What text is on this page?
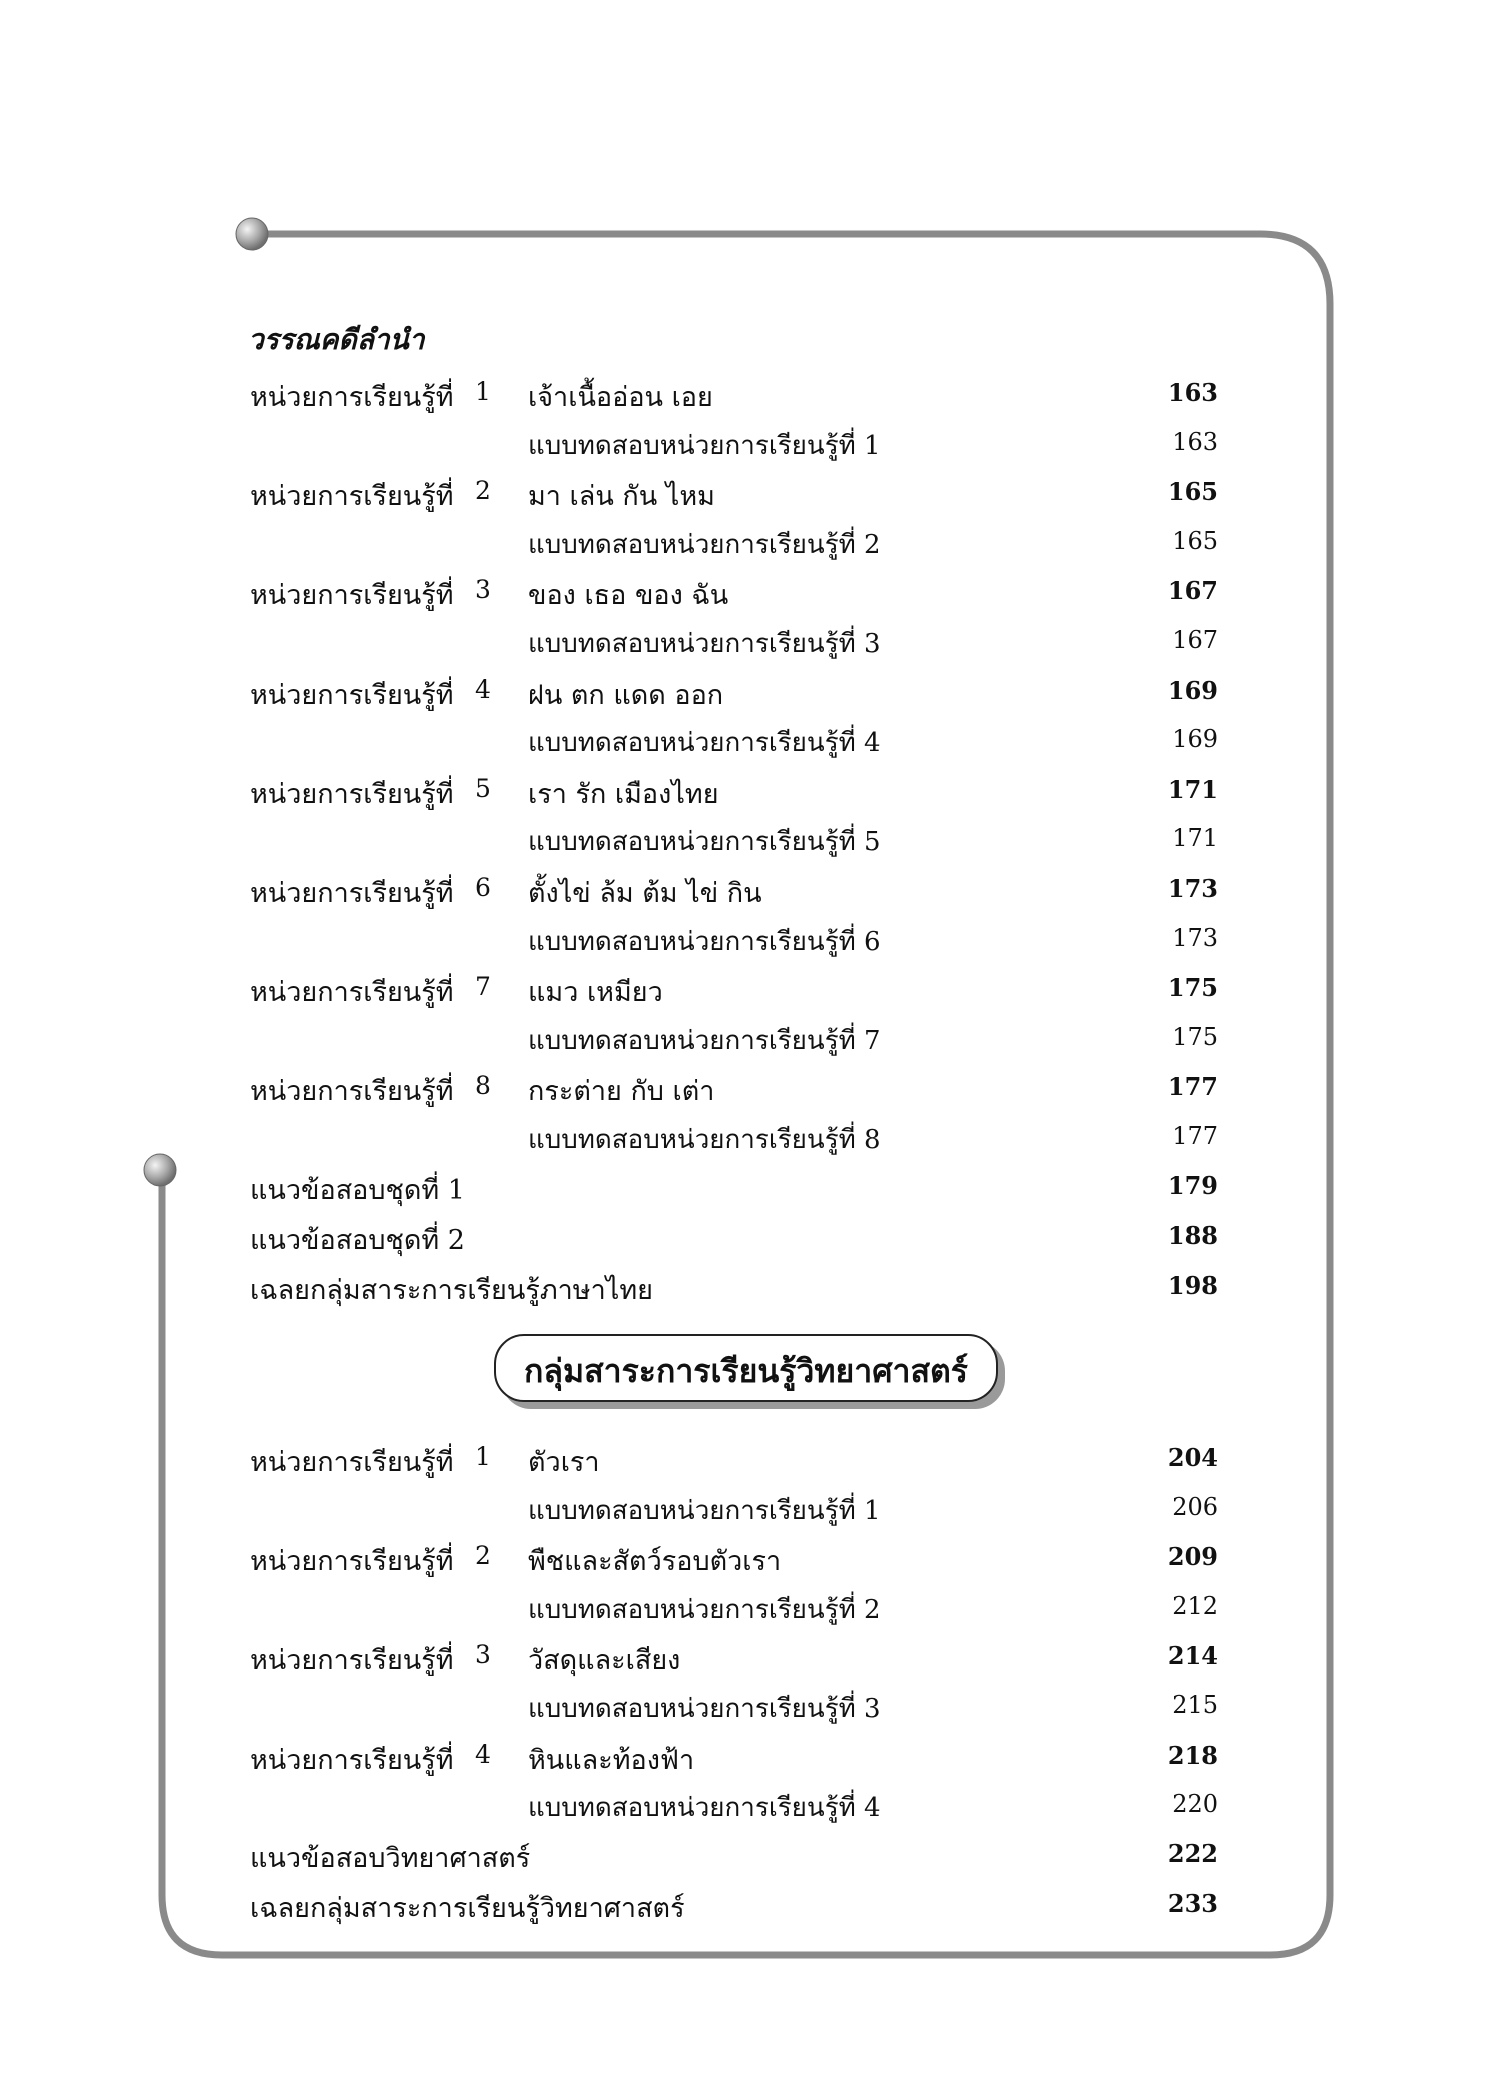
วรรณคดีลำนำ
หน่วยการเรียนรู้ที่ 1 เจ้าเนื้ออ่อน เอย	163
แบบทดสอบหน่วยการเรียนรู้ที่ 1	163
หน่วยการเรียนรู้ที่ 2 มา เล่น กัน ไหม	165
แบบทดสอบหน่วยการเรียนรู้ที่ 2	165
หน่วยการเรียนรู้ที่ 3 ของ เธอ ของ ฉัน	167
แบบทดสอบหน่วยการเรียนรู้ที่ 3	167
หน่วยการเรียนรู้ที่ 4 ฝน ตก แดด ออก	169
แบบทดสอบหน่วยการเรียนรู้ที่ 4	169
หน่วยการเรียนรู้ที่ 5 เรา รัก เมืองไทย	171
แบบทดสอบหน่วยการเรียนรู้ที่ 5	171
หน่วยการเรียนรู้ที่ 6 ตั้งไข่ ล้ม ต้ม ไข่ กิน	173
แบบทดสอบหน่วยการเรียนรู้ที่ 6	173
หน่วยการเรียนรู้ที่ 7 แมว เหมียว	175
แบบทดสอบหน่วยการเรียนรู้ที่ 7	175
หน่วยการเรียนรู้ที่ 8 กระต่าย กับ เต่า	177
แบบทดสอบหน่วยการเรียนรู้ที่ 8	177
แนวข้อสอบชุดที่ 1	179
แนวข้อสอบชุดที่ 2	188
เฉลยกลุ่มสาระการเรียนรู้ภาษาไทย	198
กลุ่มสาระการเรียนรู้วิทยาศาสตร์
หน่วยการเรียนรู้ที่ 1 ตัวเรา	204
แบบทดสอบหน่วยการเรียนรู้ที่ 1	206
หน่วยการเรียนรู้ที่ 2 พืชและสัตว์รอบตัวเรา	209
แบบทดสอบหน่วยการเรียนรู้ที่ 2	212
หน่วยการเรียนรู้ที่ 3 วัสดุและเสียง	214
แบบทดสอบหน่วยการเรียนรู้ที่ 3	215
หน่วยการเรียนรู้ที่ 4 หินและท้องฟ้า	218
แบบทดสอบหน่วยการเรียนรู้ที่ 4	220
แนวข้อสอบวิทยาศาสตร์	222
เฉลยกลุ่มสาระการเรียนรู้วิทยาศาสตร์	233
